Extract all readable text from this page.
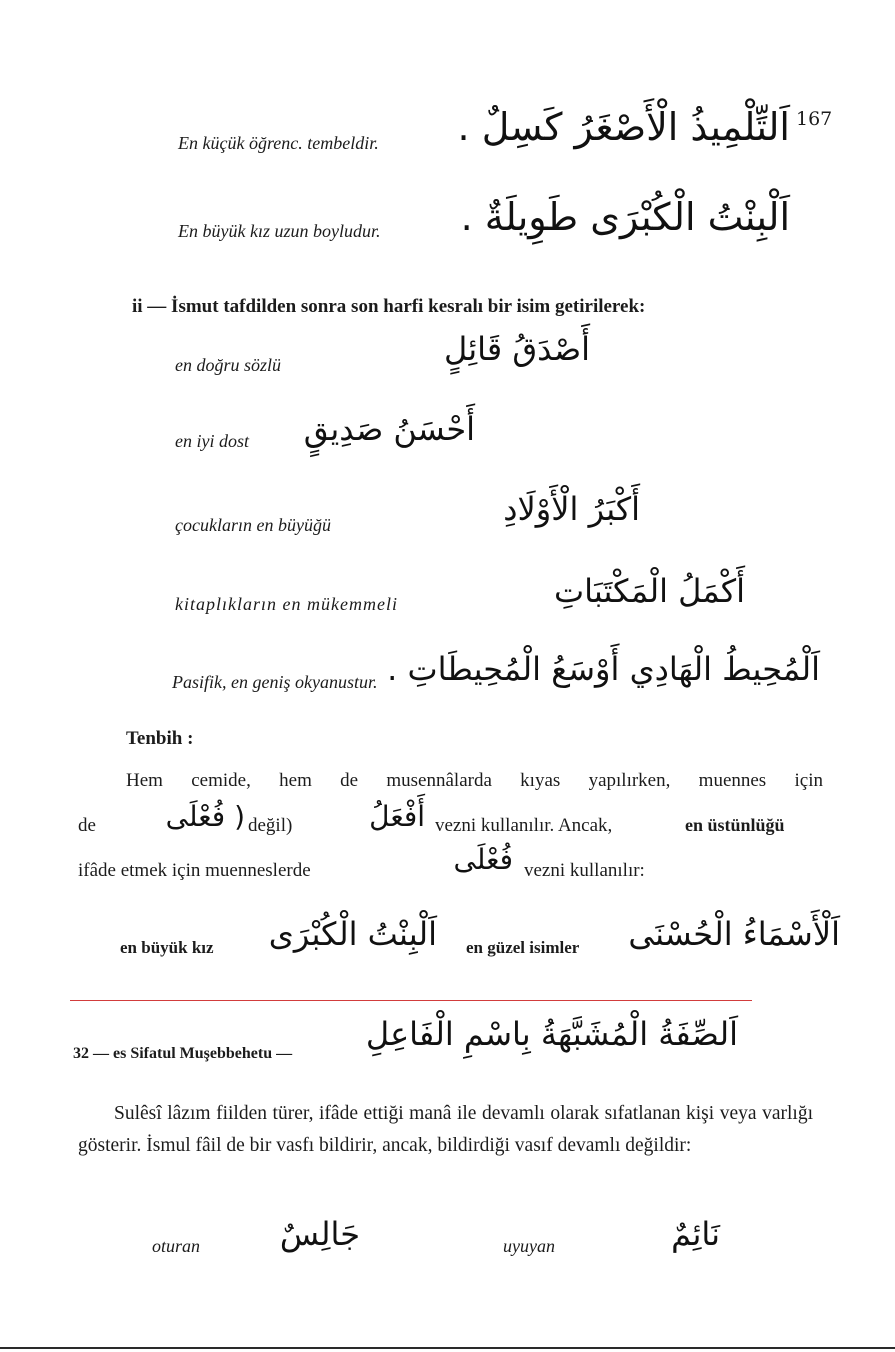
167
En küçük öğrenc. tembeldir. اَلتِّلْمِيذُ الْأَصْغَرُ كَسِلٌ .
En büyük kız uzun boyludur. اَلْبِنْتُ الْكُبْرَى طَوِيلَةٌ .
ii — İsmut tafdilden sonra son harfi kesralı bir isim getirilerek:
en doğru sözlü	أَصْدَقُ قَائِلٍ
en iyi dost	أَحْسَنُ صَدِيقٍ
çocukların en büyüğü	أَكْبَرُ الْأَوْلَادِ
kitaplıkların en mükemmeli	أَكْمَلُ الْمَكْتَبَاتِ
Pasifik, en geniş okyanustur. اَلْمُحِيطُ الْهَادِي أَوْسَعُ الْمُحِيطَاتِ .
Tenbih :
Hem cemide, hem de musennâlarda kıyas yapılırken, muennes için
de	( فُعْلَى değil)	أَفْعَلُ vezni kullanılır. Ancak,	en üstünlüğü
ifâde etmek için muenneslerde	فُعْلَى vezni kullanılır:
en büyük kız اَلْبِنْتُ الْكُبْرَى en güzel isimler اَلْأَسْمَاءُ الْحُسْنَى
32 — es Sifatul Muşebbehetu —
اَلصِّفَةُ الْمُشَبَّهَةُ بِاسْمِ الْفَاعِلِ
Sulêsî lâzım fiilden türer, ifâde ettiği manâ ile devamlı olarak sıfatlanan kişi veya varlığı gösterir. İsmul fâil de bir vasfı bildirir, ancak, bildirdiği vasıf devamlı değildir:
oturan	جَالِسٌ	uyuyan	نَائِمٌ
